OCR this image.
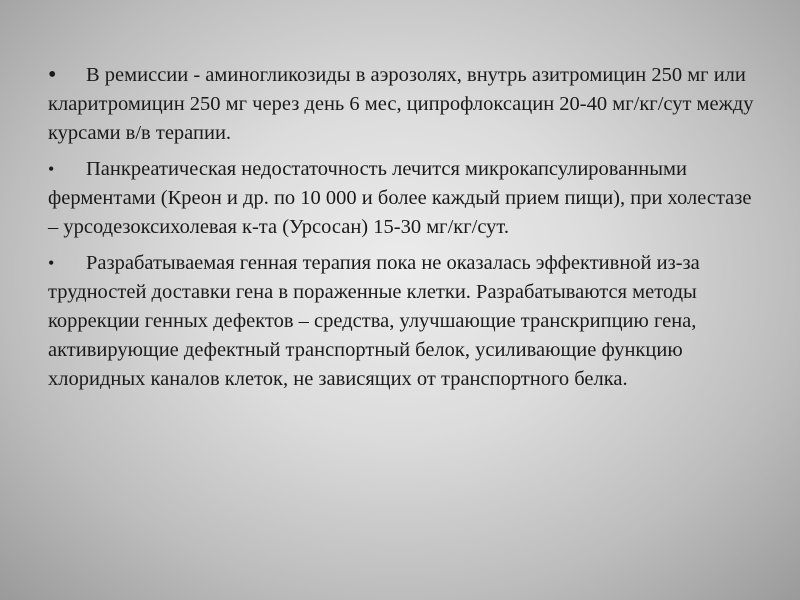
• В ремиссии - аминогликозиды в аэрозолях, внутрь азитромицин 250 мг или кларитромицин 250 мг через день 6 мес, ципрофлоксацин 20-40 мг/кг/сут между курсами в/в терапии.

• Панкреатическая недостаточность лечится микрокапсулированными ферментами (Креон и др. по 10 000 и более каждый прием пищи), при холестазе – урсодезоксихолевая к-та (Урсосан) 15-30 мг/кг/сут.

• Разрабатываемая генная терапия пока не оказалась эффективной из-за трудностей доставки гена в пораженные клетки. Разрабатываются методы коррекции генных дефектов – средства, улучшающие транскрипцию гена, активирующие дефектный транспортный белок, усиливающие функцию хлоридных каналов клеток, не зависящих от транспортного белка.
